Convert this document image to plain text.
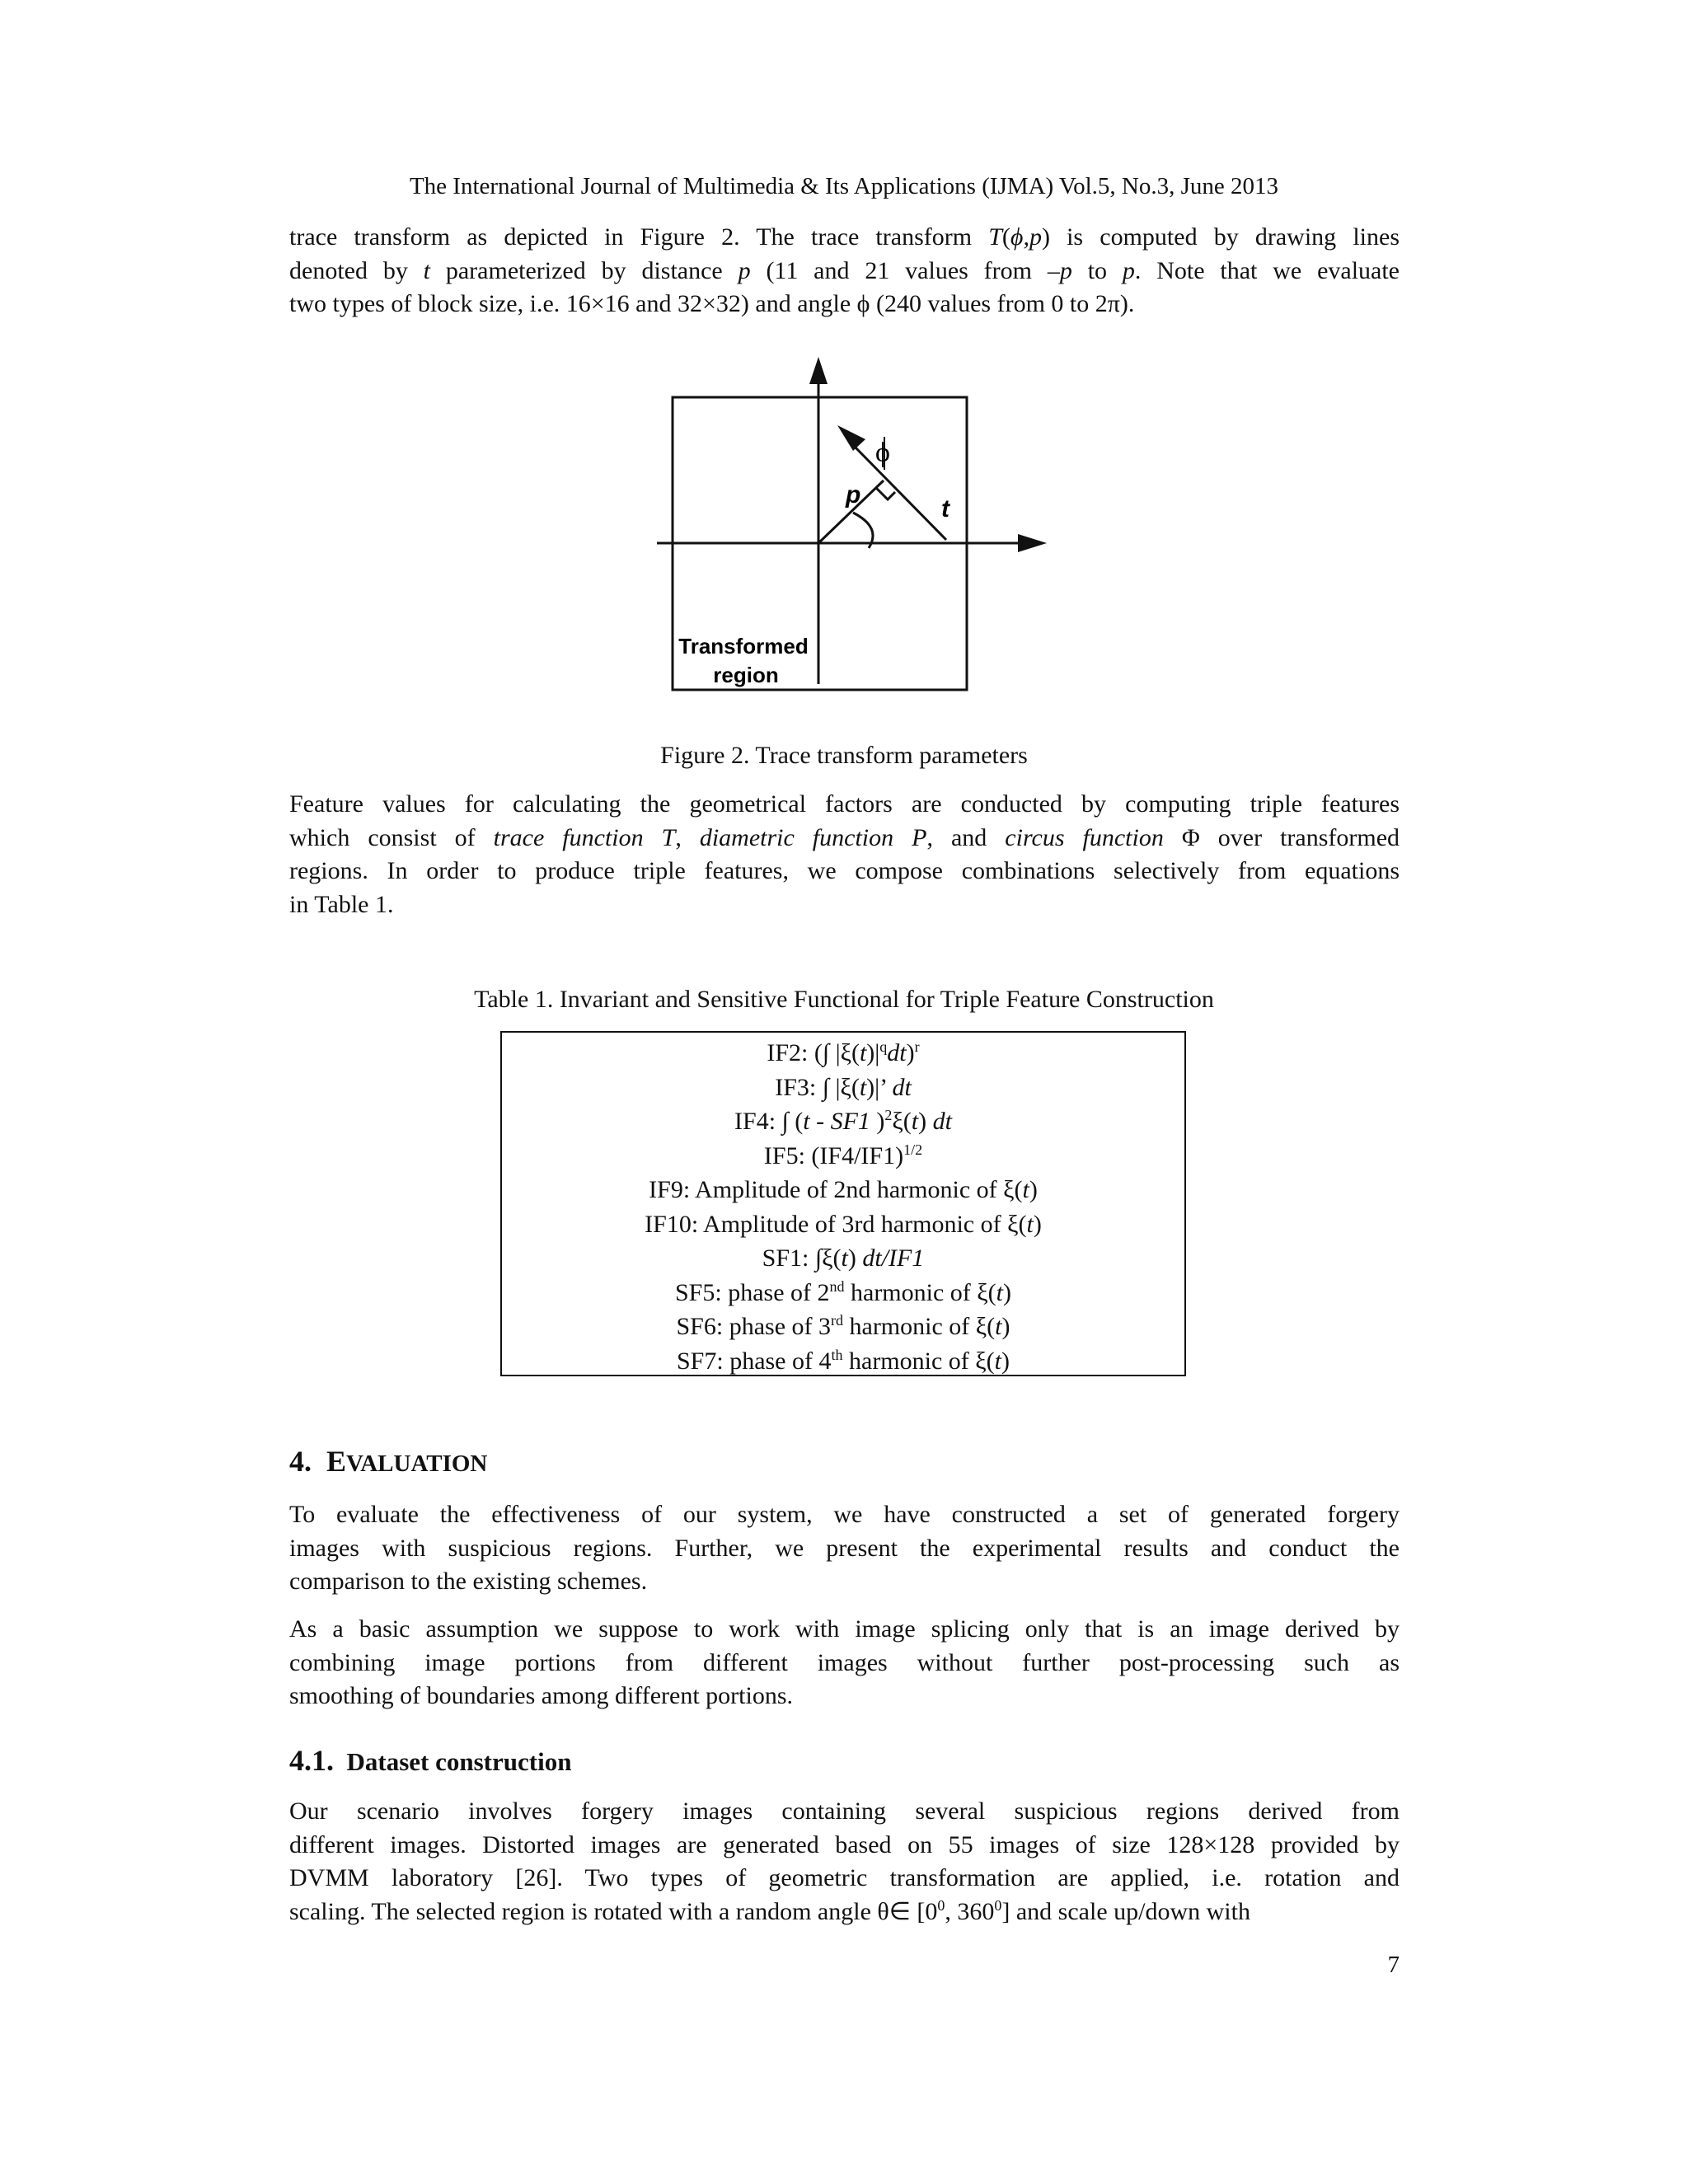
The International Journal of Multimedia & Its Applications (IJMA) Vol.5, No.3, June 2013
trace transform as depicted in Figure 2. The trace transform T(ϕ,p) is computed by drawing lines
denoted by t parameterized by distance p (11 and 21 values from –p to p. Note that we evaluate
two types of block size, i.e. 16×16 and 32×32) and angle ϕ (240 values from 0 to 2π).
ϕ
p
t
Transformed
region
Figure 2. Trace transform parameters
Feature values for calculating the geometrical factors are conducted by computing triple features
which consist of trace function T, diametric function P, and circus function Φ over transformed
regions. In order to produce triple features, we compose combinations selectively from equations
in Table 1.
Table 1. Invariant and Sensitive Functional for Triple Feature Construction
IF2: (∫ $|\xi(t)|^qdt)^r$
IF3: ∫ |ξ(t)|’ dt
IF4: ∫ (t - SF1 )$^2$ξ(t) dt
IF5: $(IF4/IF1)^{1/2}$
IF9: Amplitude of 2nd harmonic of ξ(t)
IF10: Amplitude of 3rd harmonic of ξ(t)
SF1: ∫ξ(t) dt/IF1
SF5: phase of 2nd harmonic of ξ(t)
SF6: phase of 3rd harmonic of ξ(t)
SF7: phase of 4th harmonic of ξ(t)
4. EVALUATION
To evaluate the effectiveness of our system, we have constructed a set of generated forgery
images with suspicious regions. Further, we present the experimental results and conduct the
comparison to the existing schemes.
As a basic assumption we suppose to work with image splicing only that is an image derived by
combining image portions from different images without further post-processing such as
smoothing of boundaries among different portions.
4.1. Dataset construction
Our scenario involves forgery images containing several suspicious regions derived from
different images. Distorted images are generated based on 55 images of size 128×128 provided by
DVMM laboratory [26]. Two types of geometric transformation are applied, i.e. rotation and
scaling. The selected region is rotated with a random angle θ∈ [$0^0$, $360^0$] and scale up/down with
7
